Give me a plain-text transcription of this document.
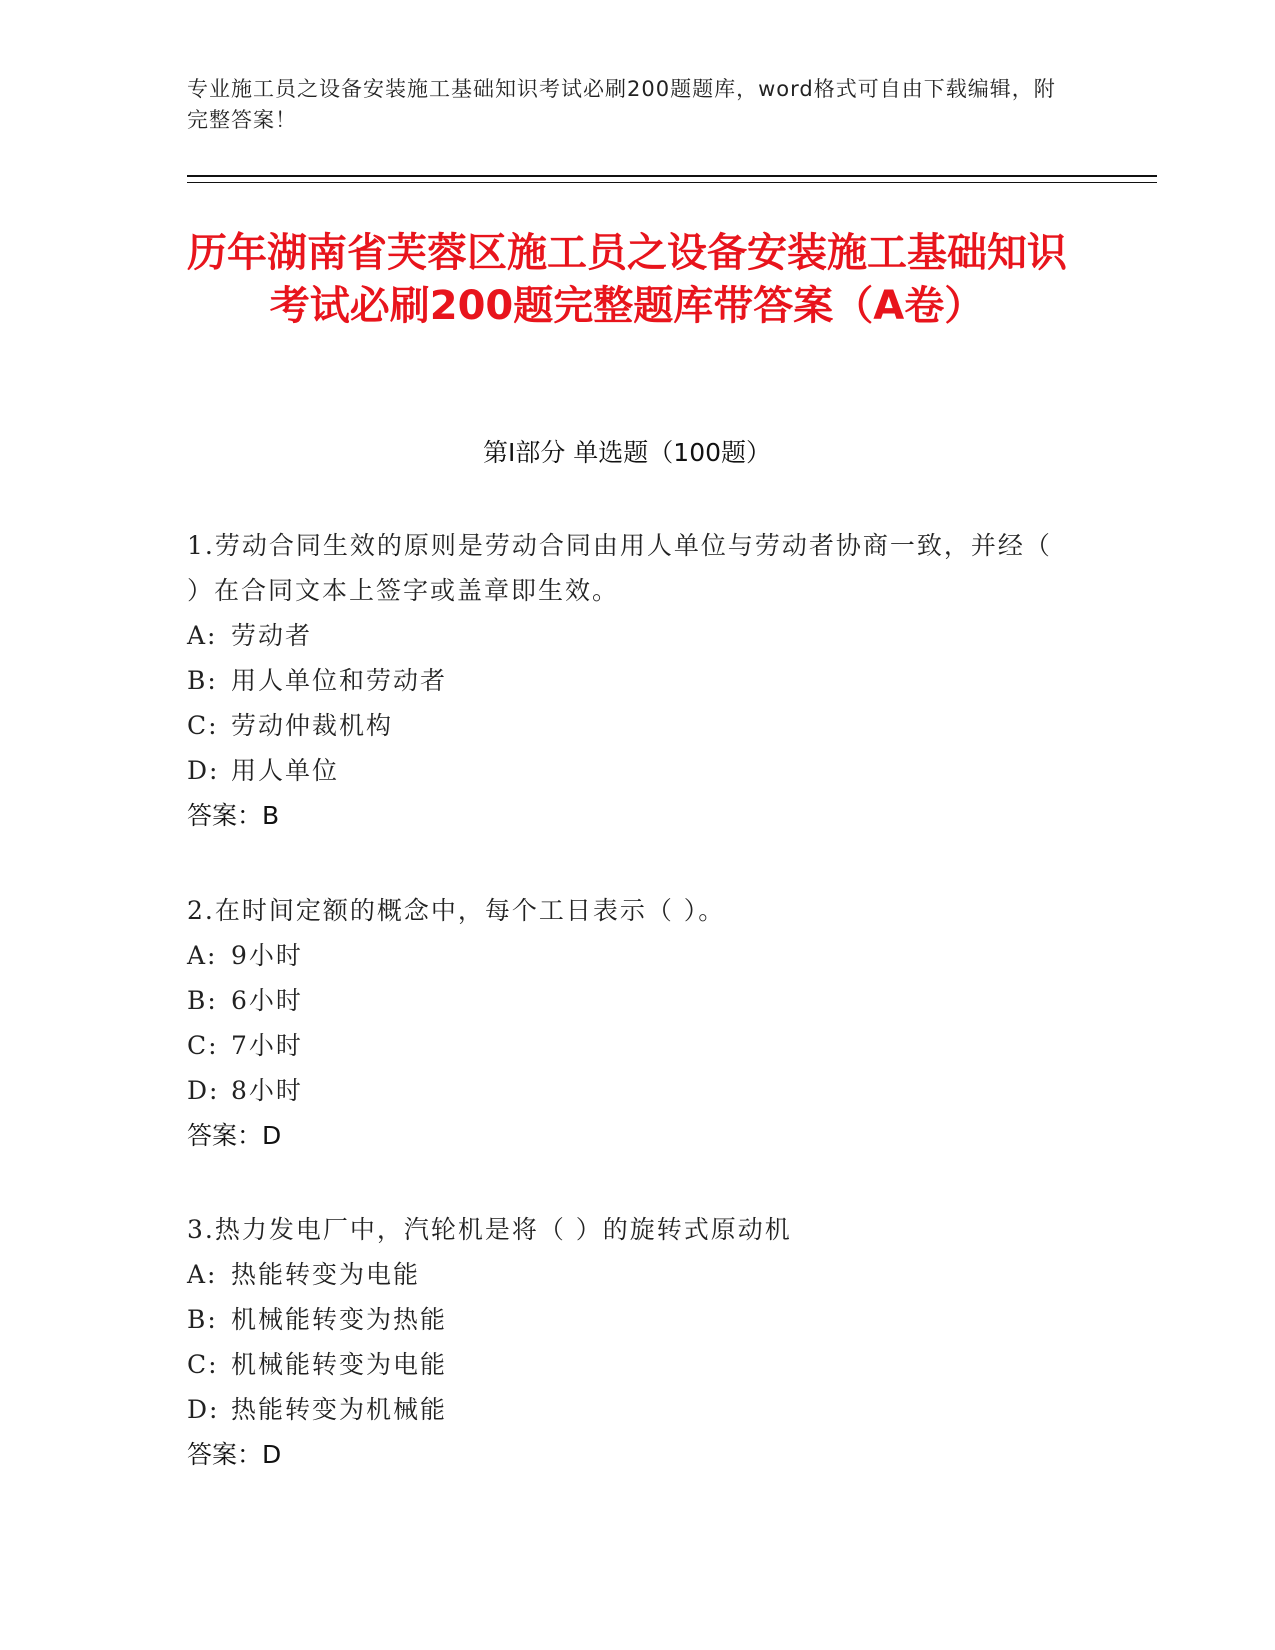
专业施工员之设备安装施工基础知识考试必刷200题题库，word格式可自由下载编辑，附完整答案！
历年湖南省芙蓉区施工员之设备安装施工基础知识考试必刷200题完整题库带答案（A卷）
第I部分 单选题（100题）
1.劳动合同生效的原则是劳动合同由用人单位与劳动者协商一致，并经（ ）在合同文本上签字或盖章即生效。
A: 劳动者
B: 用人单位和劳动者
C: 劳动仲裁机构
D: 用人单位
答案：B
2.在时间定额的概念中，每个工日表示（ ）。
A: 9小时
B: 6小时
C: 7小时
D: 8小时
答案：D
3.热力发电厂中，汽轮机是将（ ）的旋转式原动机
A: 热能转变为电能
B: 机械能转变为热能
C: 机械能转变为电能
D: 热能转变为机械能
答案：D
